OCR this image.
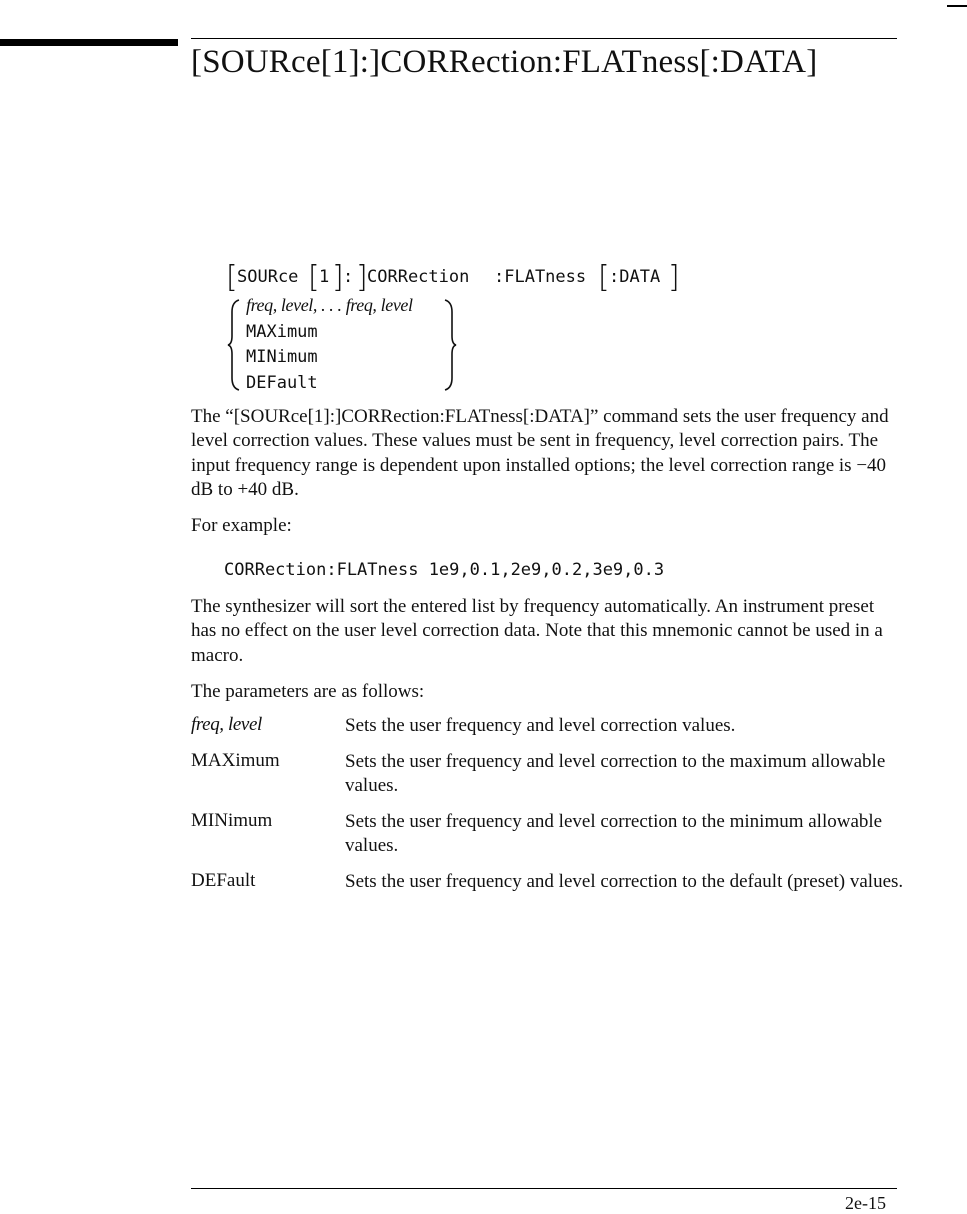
[SOURce[1]:]CORRection:FLATness[:DATA]
[ SOURce [ 1 ] : ] CORRection :FLATness [ :DATA ]
freq, level, . . . freq, level
MAXimum
MINimum
DEFault

The “[SOURce[1]:]CORRection:FLATness[:DATA]” command sets the user frequency and level correction values. These values must be sent in frequency, level correction pairs. The input frequency range is dependent upon installed options; the level correction range is −40 dB to +40 dB.

For example:

CORRection:FLATness 1e9,0.1,2e9,0.2,3e9,0.3

The synthesizer will sort the entered list by frequency automatically. An instrument preset has no effect on the user level correction data. Note that this mnemonic cannot be used in a macro.

The parameters are as follows:

freq, level	Sets the user frequency and level correction values.

MAXimum	Sets the user frequency and level correction to the maximum allowable values.

MINimum	Sets the user frequency and level correction to the minimum allowable values.

DEFault	Sets the user frequency and level correction to the default (preset) values.

2e-15
